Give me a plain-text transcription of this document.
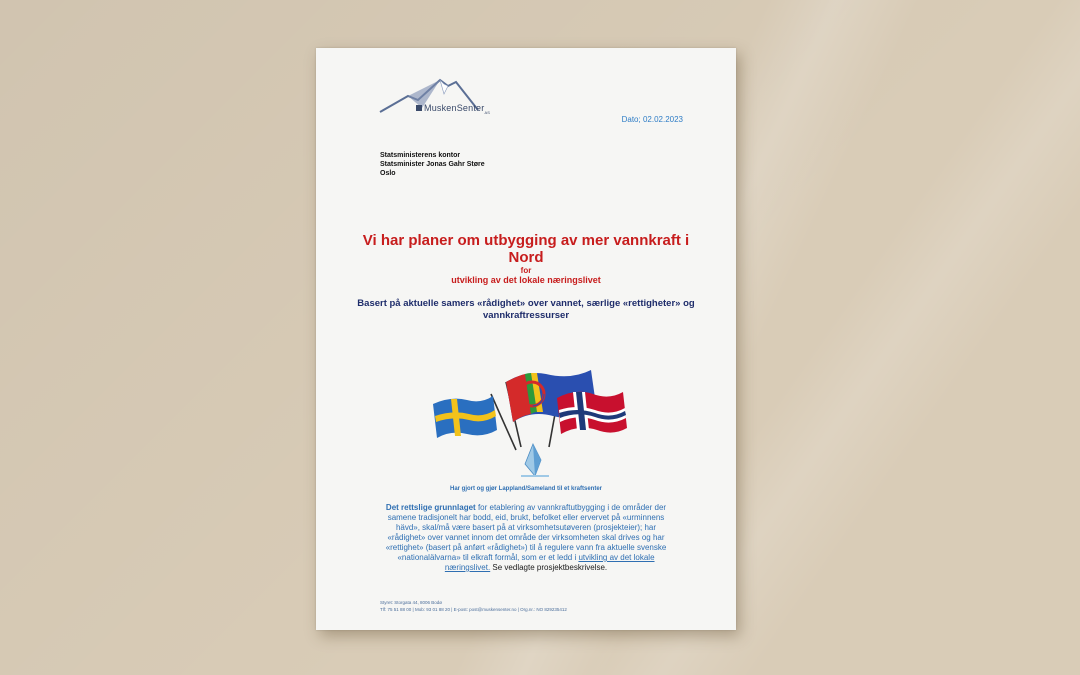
MuskenSenter$_{AS}$
Dato; 02.02.2023
Statsministerens kontor
Statsminister Jonas Gahr Støre
Oslo
Vi har planer om utbygging av mer vannkraft i Nord
for
utvikling av det lokale næringslivet
Basert på aktuelle samers «rådighet» over vannet, særlige «rettigheter» og vannkraftressurser
Har gjort og gjør Lappland/Sameland til et kraftsenter
Det rettslige grunnlaget for etablering av vannkraftutbygging i de områder der samene tradisjonelt har bodd, eid, brukt, befolket eller ervervet på «urminnens hävd», skal/må være basert på at virksomhetsutøveren (prosjekteier); har «rådighet» over vannet innom det område der virksomheten skal drives og har «rettighet» (basert på anført «rådighet») til å regulere vann fra aktuelle svenske «nationalälvarna» til elkraft formål, som er et ledd i utvikling av det lokale næringslivet. Se vedlagte prosjektbeskrivelse.
Styret: Storgata 44, 8006 Bodø
Tlf: 75 51 88 00 | Mob: 93 01 88 20 | E-post: post@muskensenter.no | Org.nr.: NO 829235412
